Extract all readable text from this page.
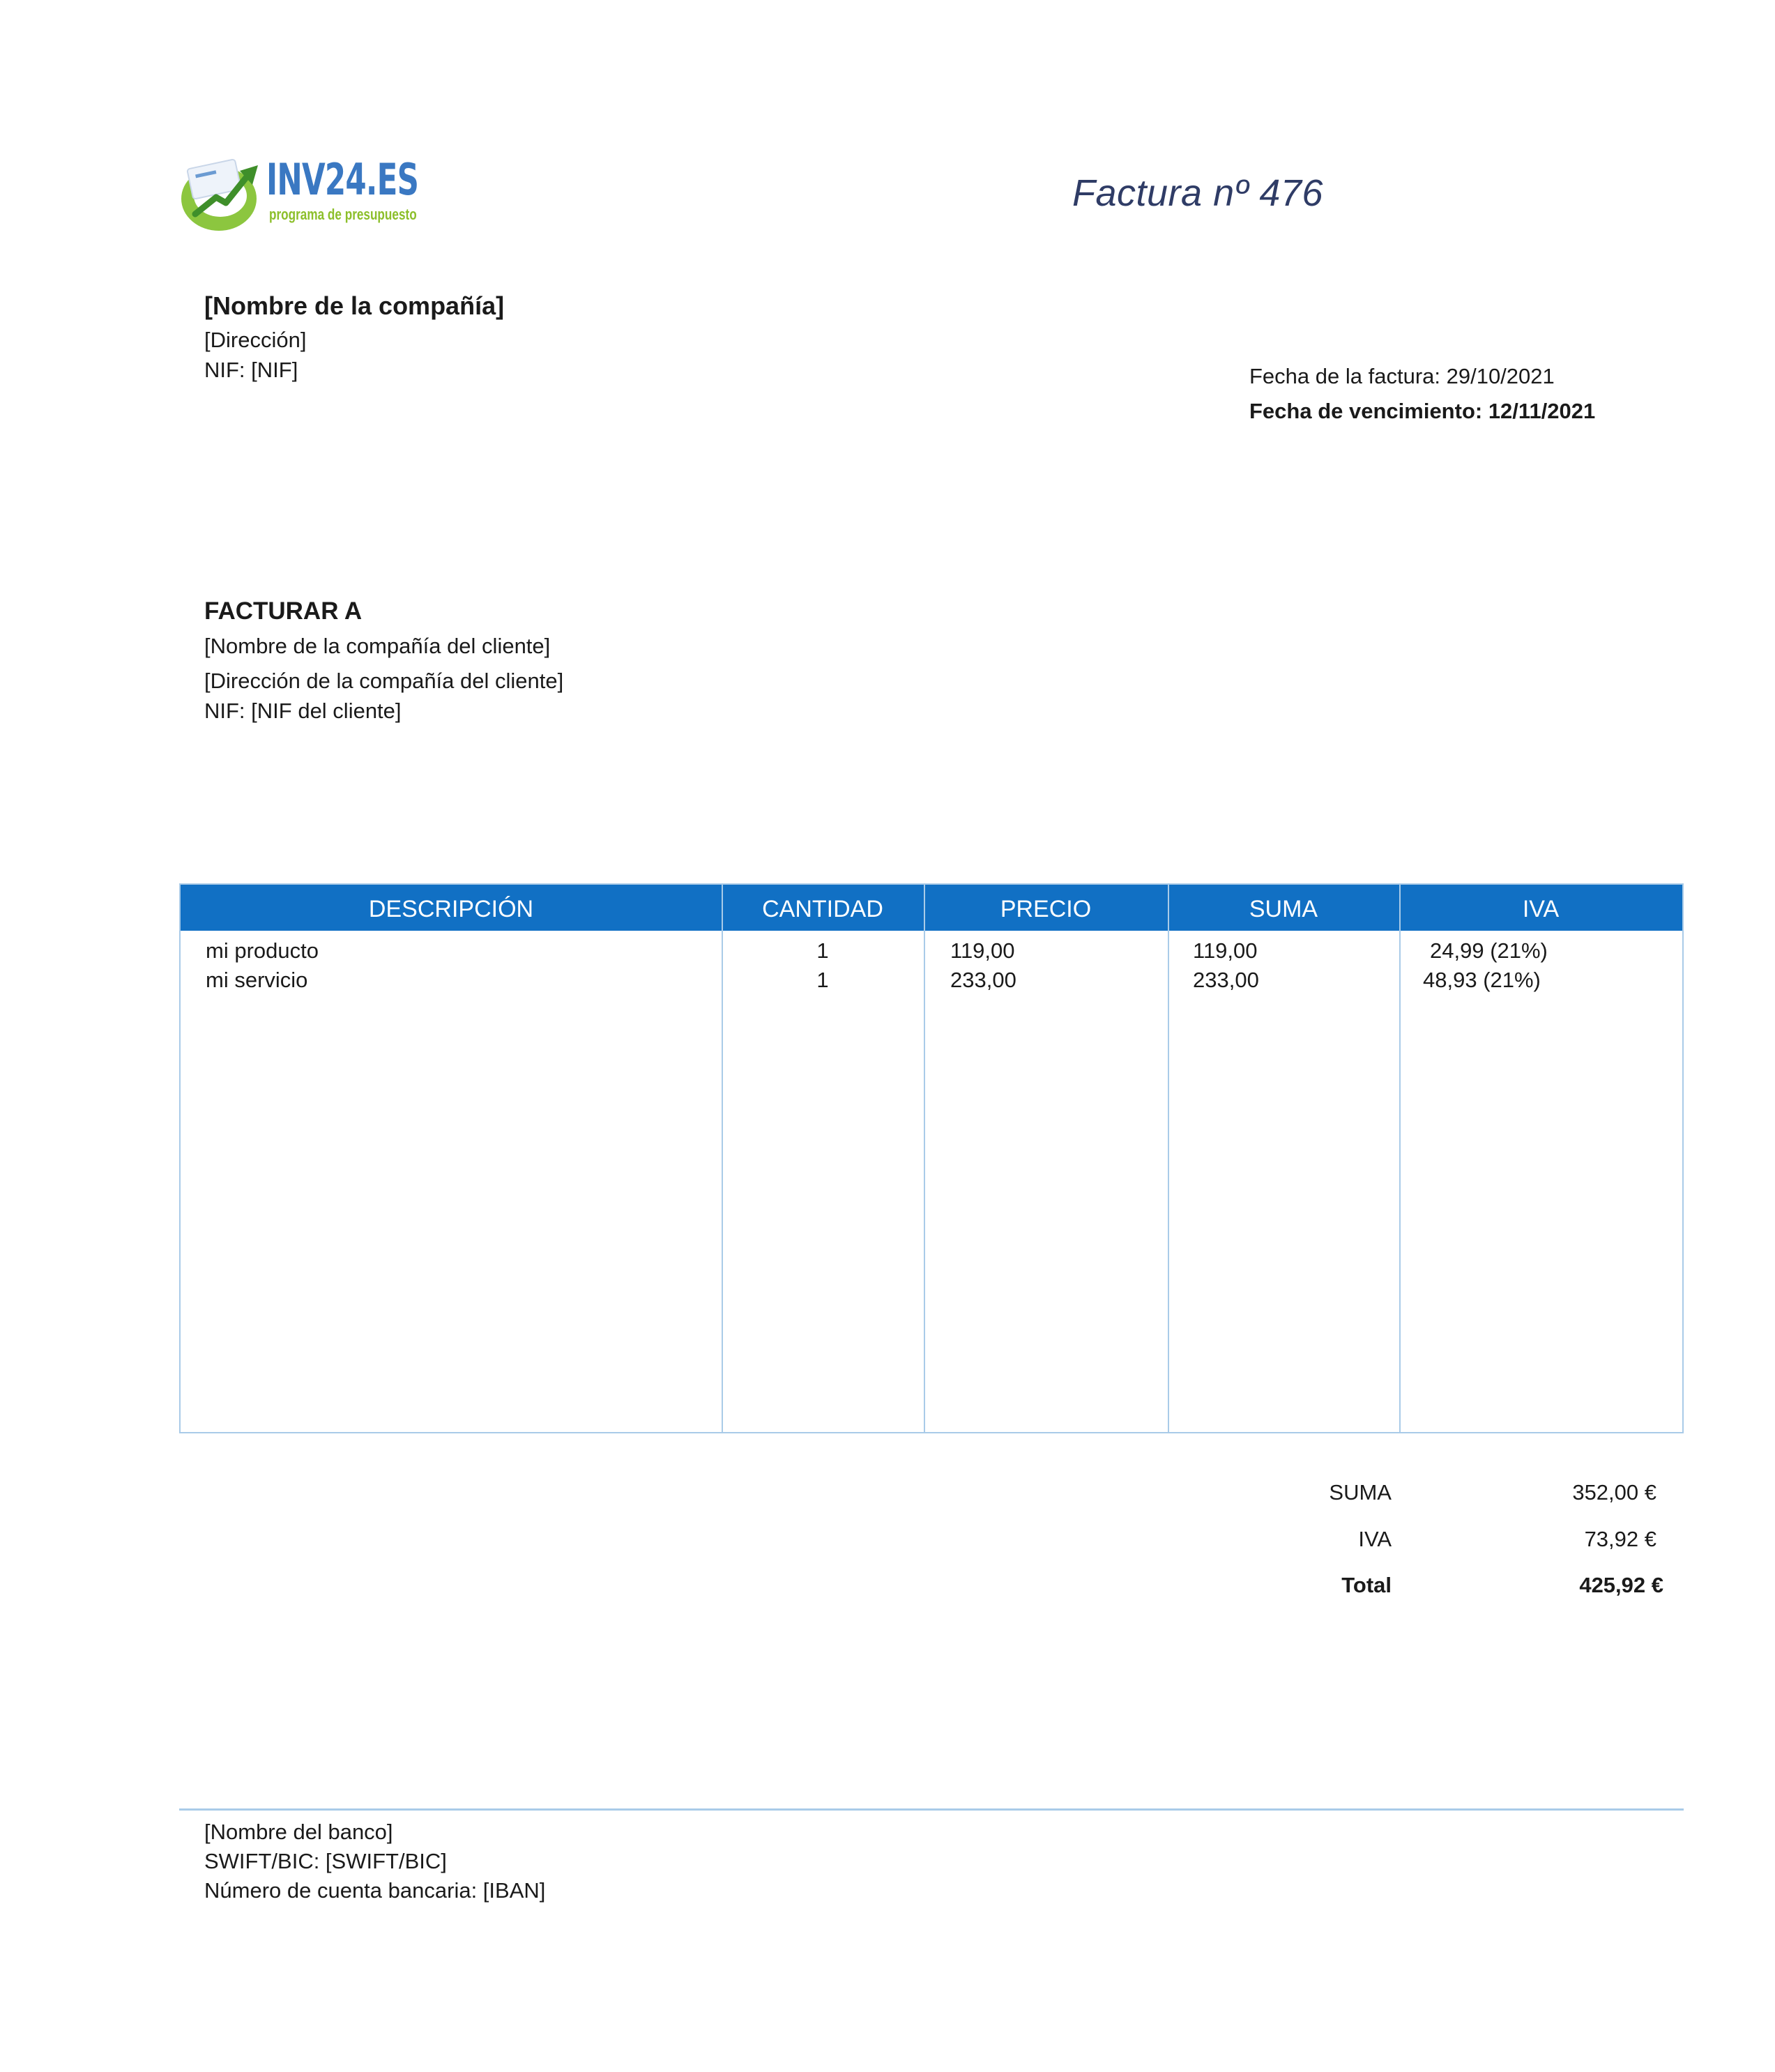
INV24.ES
programa de presupuesto
Factura nº 476
[Nombre de la compañía]
[Dirección]
NIF: [NIF]	Fecha de la factura: 29/10/2021
Fecha de vencimiento: 12/11/2021
FACTURAR A
[Nombre de la compañía del cliente]
[Dirección de la compañía del cliente]
NIF: [NIF del cliente]
DESCRIPCIÓN	CANTIDAD	PRECIO	SUMA	IVA
mi producto	1	119,00	119,00	24,99 (21%)
mi servicio	1	233,00	233,00	48,93 (21%)
SUMA	352,00 €
IVA	73,92 €
Total	425,92 €
[Nombre del banco]
SWIFT/BIC: [SWIFT/BIC]
Número de cuenta bancaria: [IBAN]
